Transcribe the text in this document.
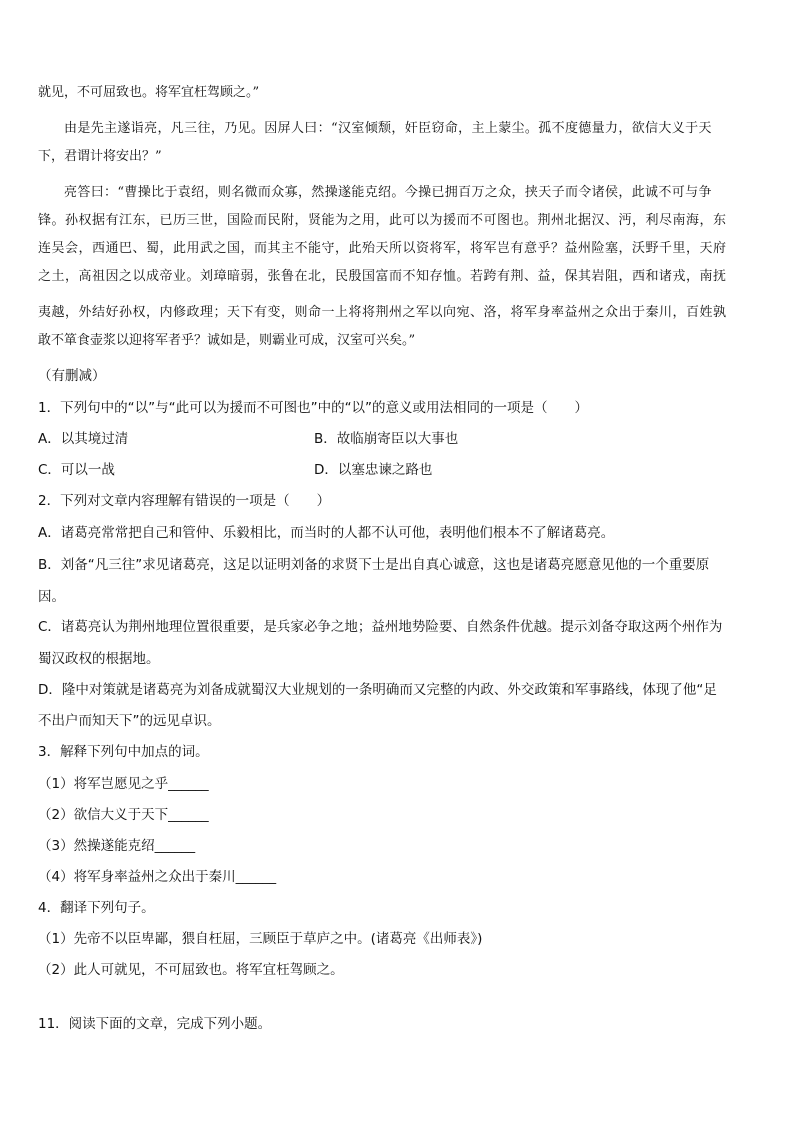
就见，不可屈致也。将军宜枉驾顾之。”
由是先主遂诣亮，凡三往，乃见。因屏人曰：“汉室倾颓，奸臣窃命，主上蒙尘。孤不度德量力，欲信大义于天
下，君谓计将安出？”
亮答曰：“曹操比于袁绍，则名微而众寡，然操遂能克绍。今操已拥百万之众，挟天子而令诸侯，此诚不可与争
锋。孙权据有江东，已历三世，国险而民附，贤能为之用，此可以为援而不可图也。荆州北据汉、沔，利尽南海，东
连吴会，西通巴、蜀，此用武之国，而其主不能守，此殆天所以资将军，将军岂有意乎？益州险塞，沃野千里，天府
之土，高祖因之以成帝业。刘璋暗弱，张鲁在北，民殷国富而不知存恤。若跨有荆、益，保其岩阻，西和诸戎，南抚
夷越，外结好孙权，内修政理；天下有变，则命一上将将荆州之军以向宛、洛，将军身率益州之众出于秦川，百姓孰
敢不箪食壶浆以迎将军者乎？诚如是，则霸业可成，汉室可兴矣。”
（有删减）
1．下列句中的“以”与“此可以为援而不可图也”中的“以”的意义或用法相同的一项是（　　）
A．以其境过清	B．故临崩寄臣以大事也
C．可以一战	D．以塞忠谏之路也
2．下列对文章内容理解有错误的一项是（　　）
A．诸葛亮常常把自己和管仲、乐毅相比，而当时的人都不认可他，表明他们根本不了解诸葛亮。
B．刘备“凡三往”求见诸葛亮，这足以证明刘备的求贤下士是出自真心诚意，这也是诸葛亮愿意见他的一个重要原
因。
C．诸葛亮认为荆州地理位置很重要，是兵家必争之地；益州地势险要、自然条件优越。提示刘备夺取这两个州作为
蜀汉政权的根据地。
D．隆中对策就是诸葛亮为刘备成就蜀汉大业规划的一条明确而又完整的内政、外交政策和军事路线，体现了他“足
不出户而知天下”的远见卓识。
3．解释下列句中加点的词。
（1）将军岂愿见之乎______
（2）欲信大义于天下______
（3）然操遂能克绍______
（4）将军身率益州之众出于秦川______
4．翻译下列句子。
（1）先帝不以臣卑鄙，猥自枉屈，三顾臣于草庐之中。(诸葛亮《出师表》)
（2）此人可就见，不可屈致也。将军宜枉驾顾之。
11．阅读下面的文章，完成下列小题。
